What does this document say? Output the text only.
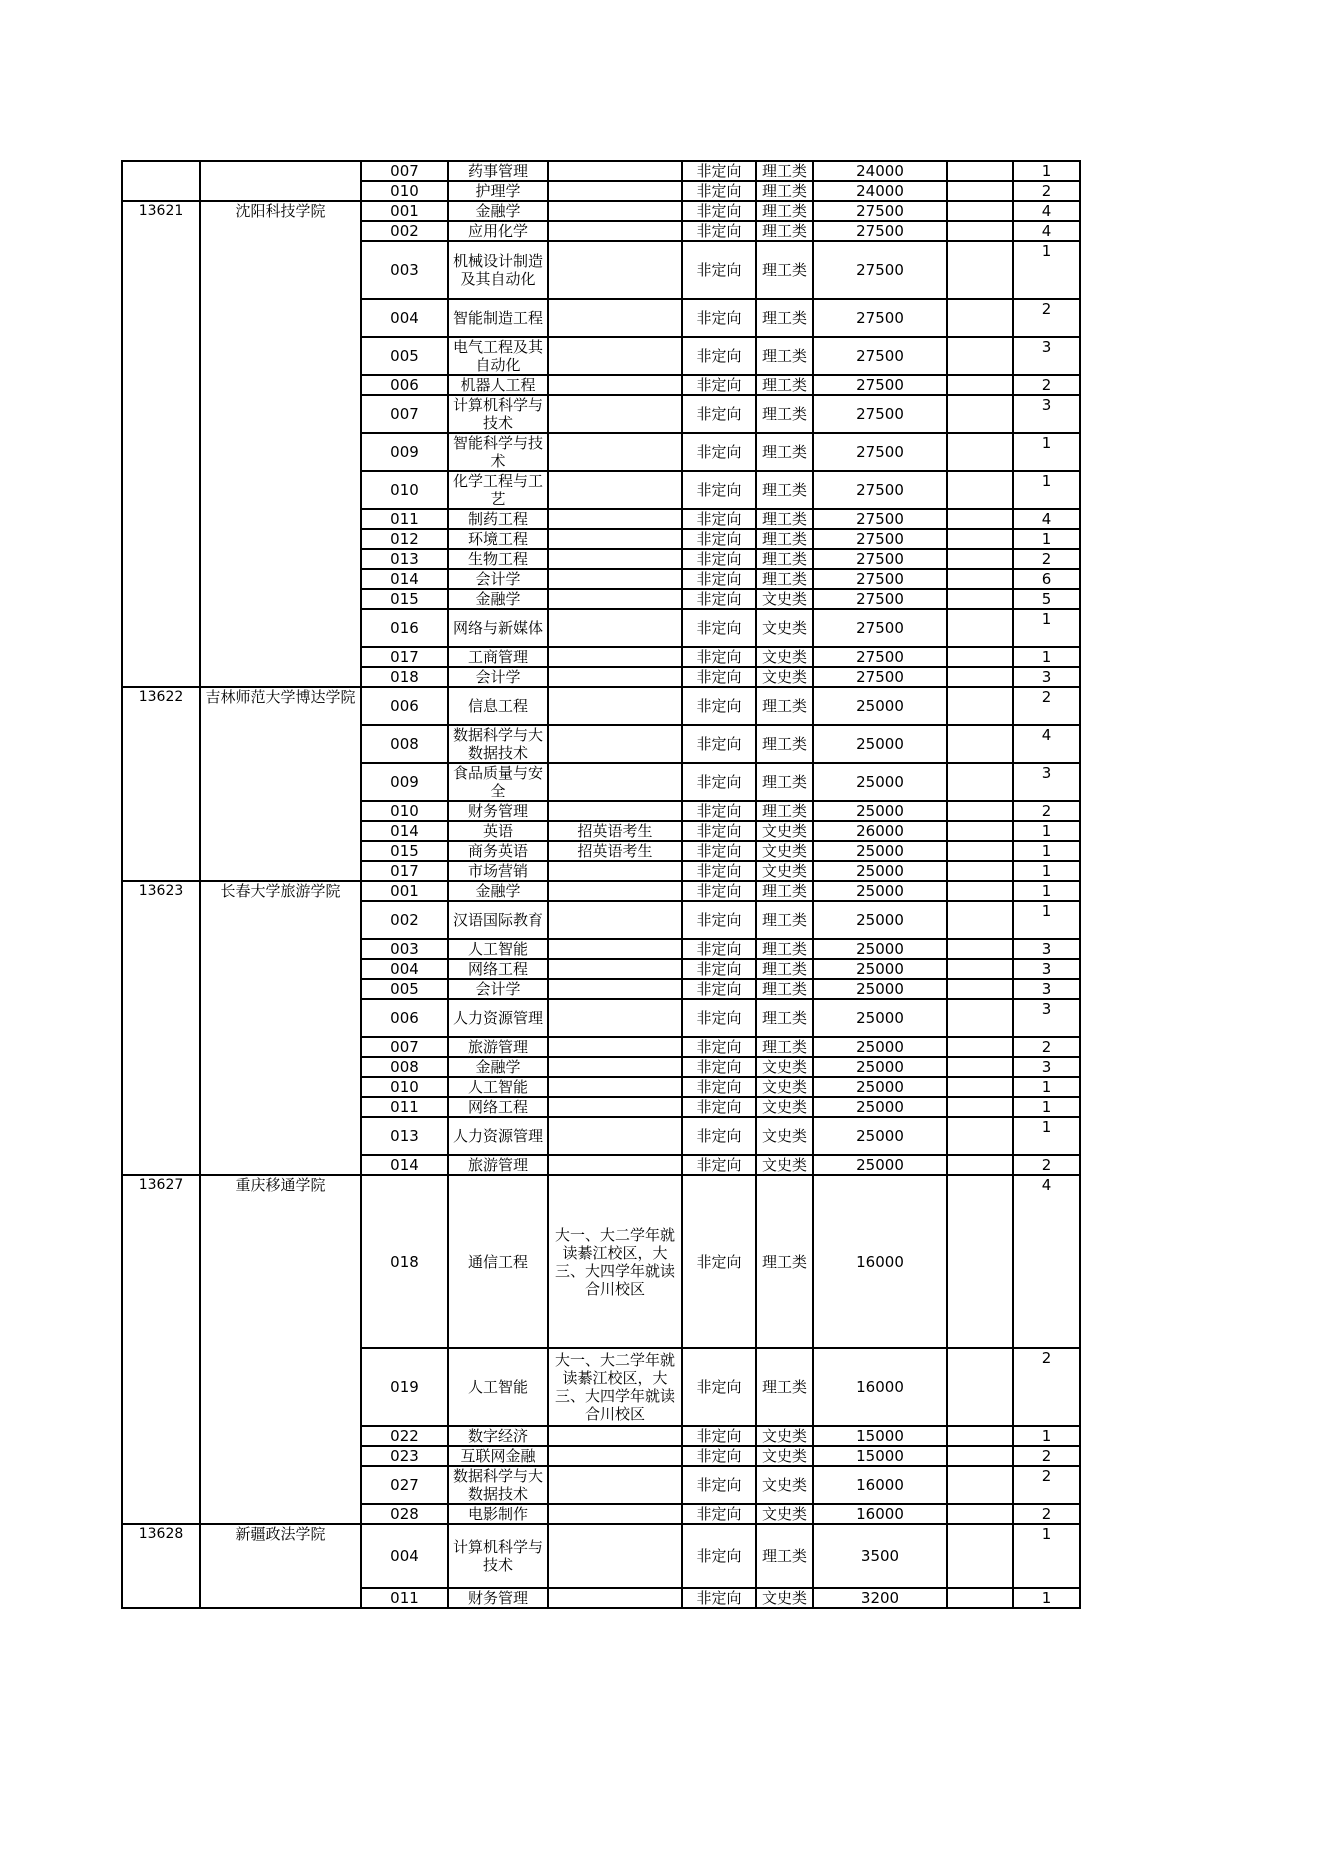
		007	药事管理		非定向	理工类	24000		1
		010	护理学		非定向	理工类	24000		2
13621	沈阳科技学院	001	金融学		非定向	理工类	27500		4
		002	应用化学		非定向	理工类	27500		4
		003	机械设计制造及其自动化		非定向	理工类	27500		1
		004	智能制造工程		非定向	理工类	27500		2
		005	电气工程及其自动化		非定向	理工类	27500		3
		006	机器人工程		非定向	理工类	27500		2
		007	计算机科学与技术		非定向	理工类	27500		3
		009	智能科学与技术		非定向	理工类	27500		1
		010	化学工程与工艺		非定向	理工类	27500		1
		011	制药工程		非定向	理工类	27500		4
		012	环境工程		非定向	理工类	27500		1
		013	生物工程		非定向	理工类	27500		2
		014	会计学		非定向	理工类	27500		6
		015	金融学		非定向	文史类	27500		5
		016	网络与新媒体		非定向	文史类	27500		1
		017	工商管理		非定向	文史类	27500		1
		018	会计学		非定向	文史类	27500		3
13622	吉林师范大学博达学院	006	信息工程		非定向	理工类	25000		2
		008	数据科学与大数据技术		非定向	理工类	25000		4
		009	食品质量与安全		非定向	理工类	25000		3
		010	财务管理		非定向	理工类	25000		2
		014	英语	招英语考生	非定向	文史类	26000		1
		015	商务英语	招英语考生	非定向	文史类	25000		1
		017	市场营销		非定向	文史类	25000		1
13623	长春大学旅游学院	001	金融学		非定向	理工类	25000		1
		002	汉语国际教育		非定向	理工类	25000		1
		003	人工智能		非定向	理工类	25000		3
		004	网络工程		非定向	理工类	25000		3
		005	会计学		非定向	理工类	25000		3
		006	人力资源管理		非定向	理工类	25000		3
		007	旅游管理		非定向	理工类	25000		2
		008	金融学		非定向	文史类	25000		3
		010	人工智能		非定向	文史类	25000		1
		011	网络工程		非定向	文史类	25000		1
		013	人力资源管理		非定向	文史类	25000		1
		014	旅游管理		非定向	文史类	25000		2
13627	重庆移通学院	018	通信工程	大一、大二学年就读綦江校区，大三、大四学年就读合川校区	非定向	理工类	16000		4
		019	人工智能	大一、大二学年就读綦江校区，大三、大四学年就读合川校区	非定向	理工类	16000		2
		022	数字经济		非定向	文史类	15000		1
		023	互联网金融		非定向	文史类	15000		2
		027	数据科学与大数据技术		非定向	文史类	16000		2
		028	电影制作		非定向	文史类	16000		2
13628	新疆政法学院	004	计算机科学与技术		非定向	理工类	3500		1
		011	财务管理		非定向	文史类	3200		1
